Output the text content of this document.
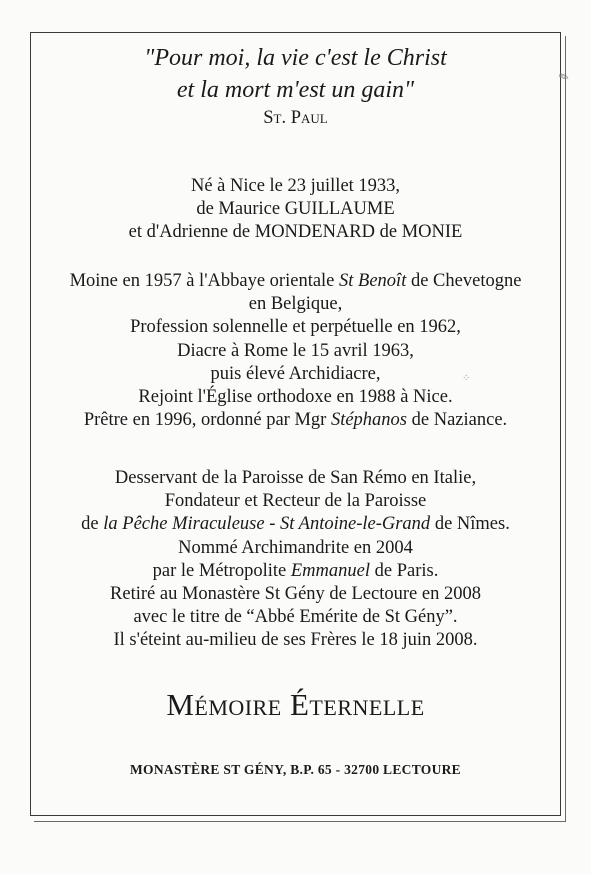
"Pour moi, la vie c'est le Christ
et la mort m'est un gain"
St. Paul
Né à Nice le 23 juillet 1933,
de Maurice GUILLAUME
et d'Adrienne de MONDENARD de MONIE
Moine en 1957 à l'Abbaye orientale St Benoît de Chevetogne
en Belgique,
Profession solennelle et perpétuelle en 1962,
Diacre à Rome le 15 avril 1963,
puis élevé Archidiacre,
Rejoint l'Église orthodoxe en 1988 à Nice.
Prêtre en 1996, ordonné par Mgr Stéphanos de Naziance.
Desservant de la Paroisse de San Rémo en Italie,
Fondateur et Recteur de la Paroisse
de la Pêche Miraculeuse - St Antoine-le-Grand de Nîmes.
Nommé Archimandrite en 2004
par le Métropolite Emmanuel de Paris.
Retiré au Monastère St Gény de Lectoure en 2008
avec le titre de “Abbé Emérite de St Gény”.
Il s'éteint au-milieu de ses Frères le 18 juin 2008.
Mémoire Éternelle
MONASTÈRE ST GÉNY, B.P. 65 - 32700 LECTOURE
✎
⁘
